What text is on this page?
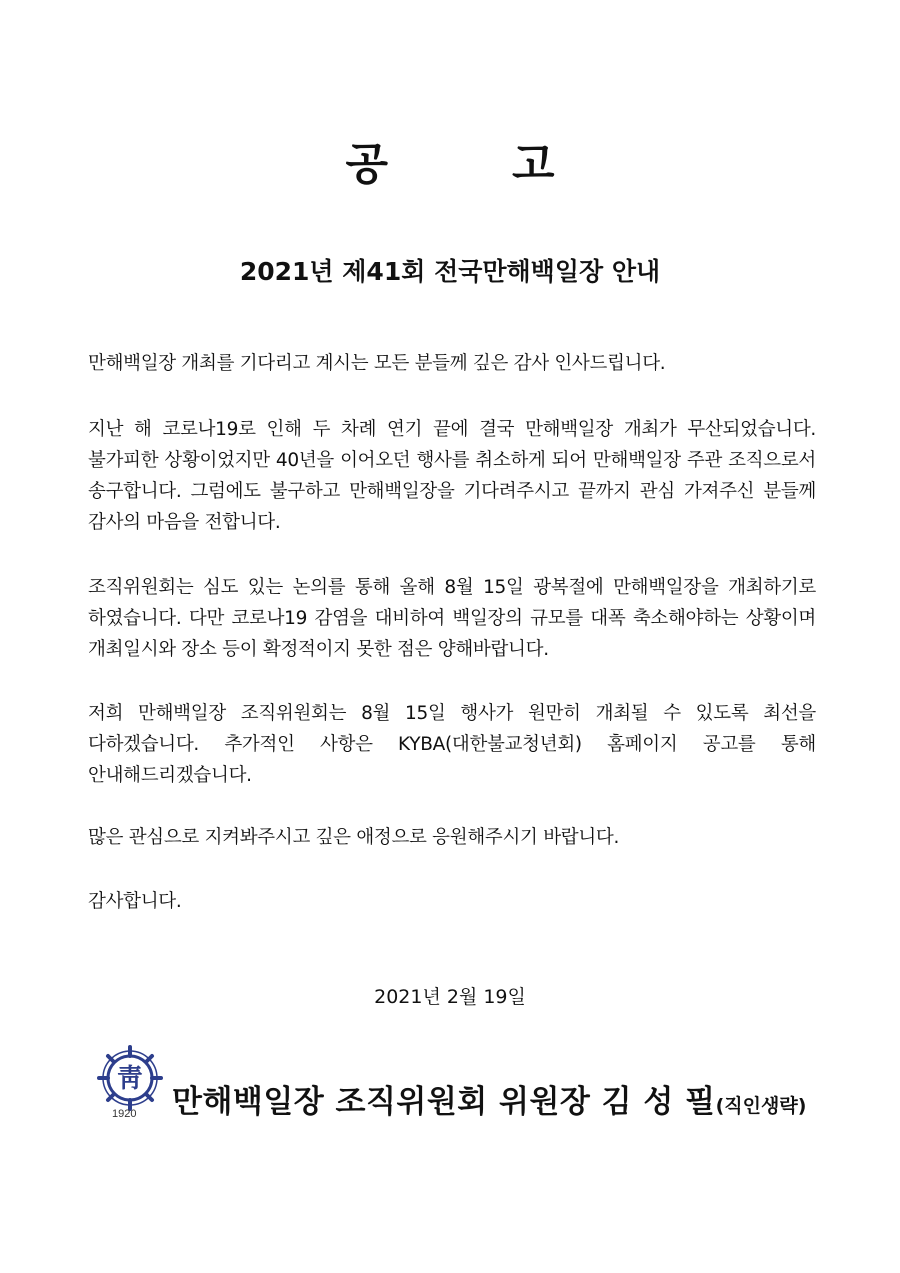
공	고
2021년 제41회 전국만해백일장 안내
만해백일장 개최를 기다리고 계시는 모든 분들께 깊은 감사 인사드립니다.
지난 해 코로나19로 인해 두 차례 연기 끝에 결국 만해백일장 개최가 무산되었습니다. 불가피한 상황이었지만 40년을 이어오던 행사를 취소하게 되어 만해백일장 주관 조직으로서 송구합니다. 그럼에도 불구하고 만해백일장을 기다려주시고 끝까지 관심 가져주신 분들께 감사의 마음을 전합니다.
조직위원회는 심도 있는 논의를 통해 올해 8월 15일 광복절에 만해백일장을 개최하기로 하였습니다. 다만 코로나19 감염을 대비하여 백일장의 규모를 대폭 축소해야하는 상황이며 개최일시와 장소 등이 확정적이지 못한 점은 양해바랍니다.
저희 만해백일장 조직위원회는 8월 15일 행사가 원만히 개최될 수 있도록 최선을 다하겠습니다. 추가적인 사항은 KYBA(대한불교청년회) 홈페이지 공고를 통해 안내해드리겠습니다.
많은 관심으로 지켜봐주시고 깊은 애정으로 응원해주시기 바랍니다.
감사합니다.
2021년 2월 19일
靑
1920 만해백일장 조직위원회 위원장 김 성 필(직인생략)
